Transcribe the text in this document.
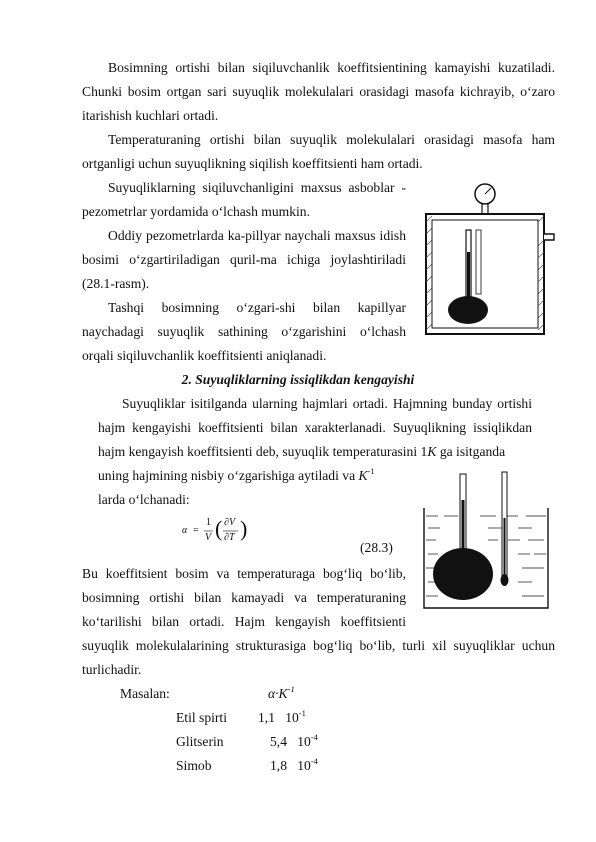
Bosimning ortishi bilan siqiluvchanlik koeffitsientining kamayishi kuzatiladi.
Chunki bosim ortgan sari suyuqlik molekulalari orasidagi masofa kichrayib, o‘zaro
itarishish kuchlari ortadi.
Temperaturaning ortishi bilan suyuqlik molekulalari orasidagi masofa ham
ortganligi uchun suyuqlikning siqilish koeffitsienti ham ortadi.
Suyuqliklarning siqiluvchanligini maxsus asboblar -
pezometrlar yordamida o‘lchash mumkin.
Oddiy pezometrlarda ka-pillyar naychali maxsus idish
bosimi o‘zgartiriladigan quril-ma ichiga joylashtiriladi
(28.1-rasm).
Tashqi bosimning o‘zgari-shi bilan kapillyar
naychadagi suyuqlik sathining o‘zgarishini o‘lchash
orqali siqiluvchanlik koeffitsienti aniqlanadi.
2. Suyuqliklarning issiqlikdan kengayishi
Suyuqliklar isitilganda ularning hajmlari ortadi. Hajmning bunday ortishi
hajm kengayishi koeffitsienti bilan xarakterlanadi. Suyuqlikning issiqlikdan
hajm kengayish koeffitsienti deb, suyuqlik temperaturasini 1K ga isitganda
uning hajmining nisbiy o‘zgarishiga aytiladi va $K^{-1}$
larda o‘lchanadi:
α =
1
V ( ∂V
∂T )
(28.3)
Bu koeffitsient bosim va temperaturaga bog‘liq bo‘lib,
bosimning ortishi bilan kamayadi va temperaturaning
ko‘tarilishi bilan ortadi. Hajm kengayish koeffitsienti
suyuqlik molekulalarining strukturasiga bog‘liq bo‘lib, turli xil suyuqliklar uchun
turlichadir.
Masalan:	$\alpha\cdot K^{-1}$
Etil spirti 1,1 $10^{-1}$
Glitserin	5,4 $10^{-4}$
Simob	1,8 $10^{-4}$
